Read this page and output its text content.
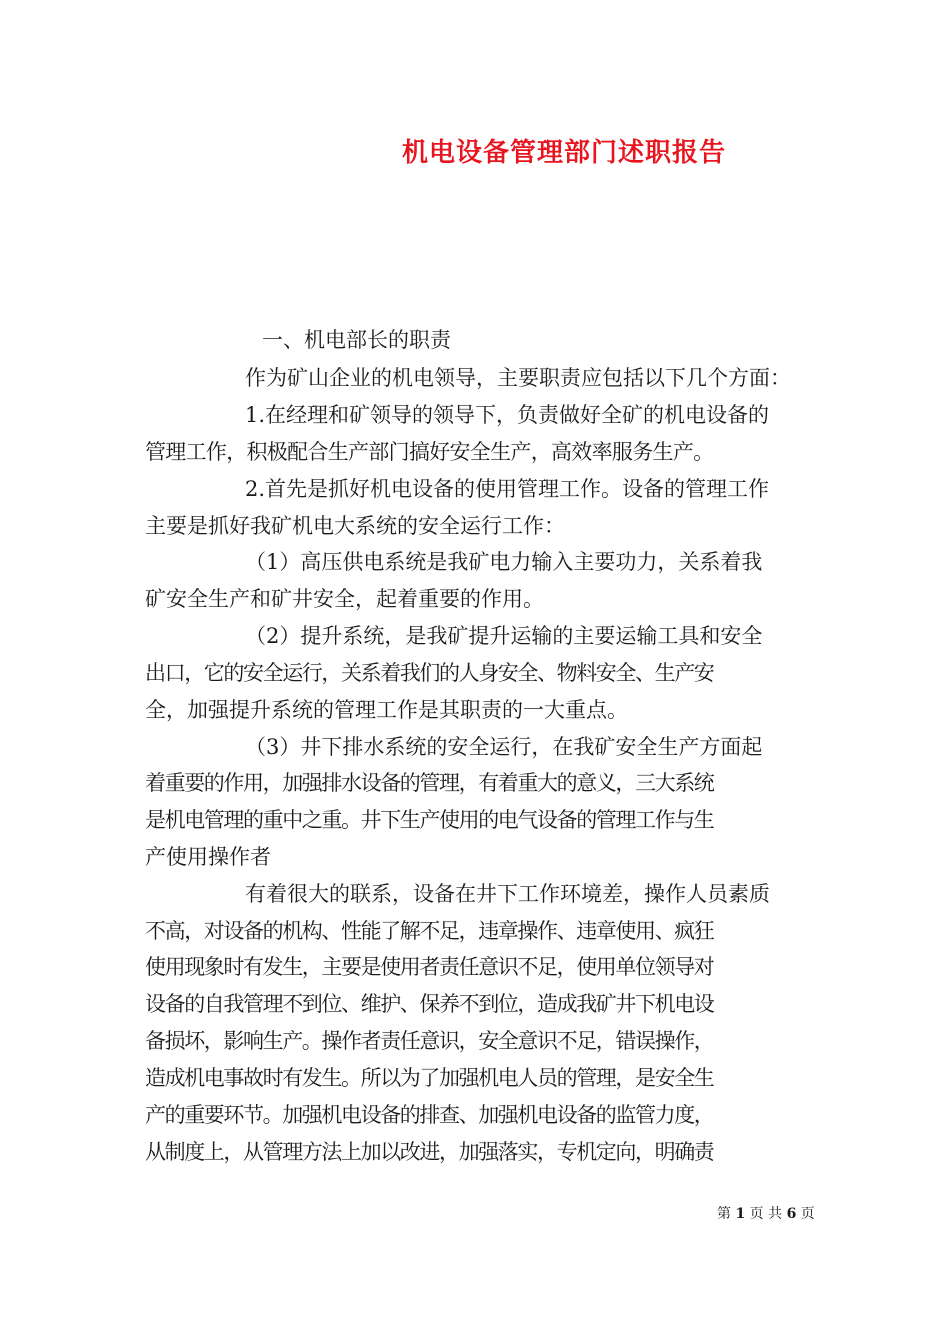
机电设备管理部门述职报告
一、机电部长的职责
作为矿山企业的机电领导，主要职责应包括以下几个方面：
1.在经理和矿领导的领导下，负责做好全矿的机电设备的
管理工作，积极配合生产部门搞好安全生产，高效率服务生产。
2.首先是抓好机电设备的使用管理工作。设备的管理工作
主要是抓好我矿机电大系统的安全运行工作：
（1）高压供电系统是我矿电力输入主要功力，关系着我
矿安全生产和矿井安全，起着重要的作用。
（2）提升系统，是我矿提升运输的主要运输工具和安全
出口，它的安全运行，关系着我们的人身安全、物料安全、生产安
全，加强提升系统的管理工作是其职责的一大重点。
（3）井下排水系统的安全运行，在我矿安全生产方面起
着重要的作用，加强排水设备的管理，有着重大的意义，三大系统
是机电管理的重中之重。井下生产使用的电气设备的管理工作与生
产使用操作者
有着很大的联系，设备在井下工作环境差，操作人员素质
不高，对设备的机构、性能了解不足，违章操作、违章使用、疯狂
使用现象时有发生，主要是使用者责任意识不足，使用单位领导对
设备的自我管理不到位、维护、保养不到位，造成我矿井下机电设
备损坏，影响生产。操作者责任意识，安全意识不足，错误操作，
造成机电事故时有发生。所以为了加强机电人员的管理，是安全生
产的重要环节。加强机电设备的排查、加强机电设备的监管力度，
从制度上，从管理方法上加以改进，加强落实，专机定向，明确责
第 1 页 共 6 页
